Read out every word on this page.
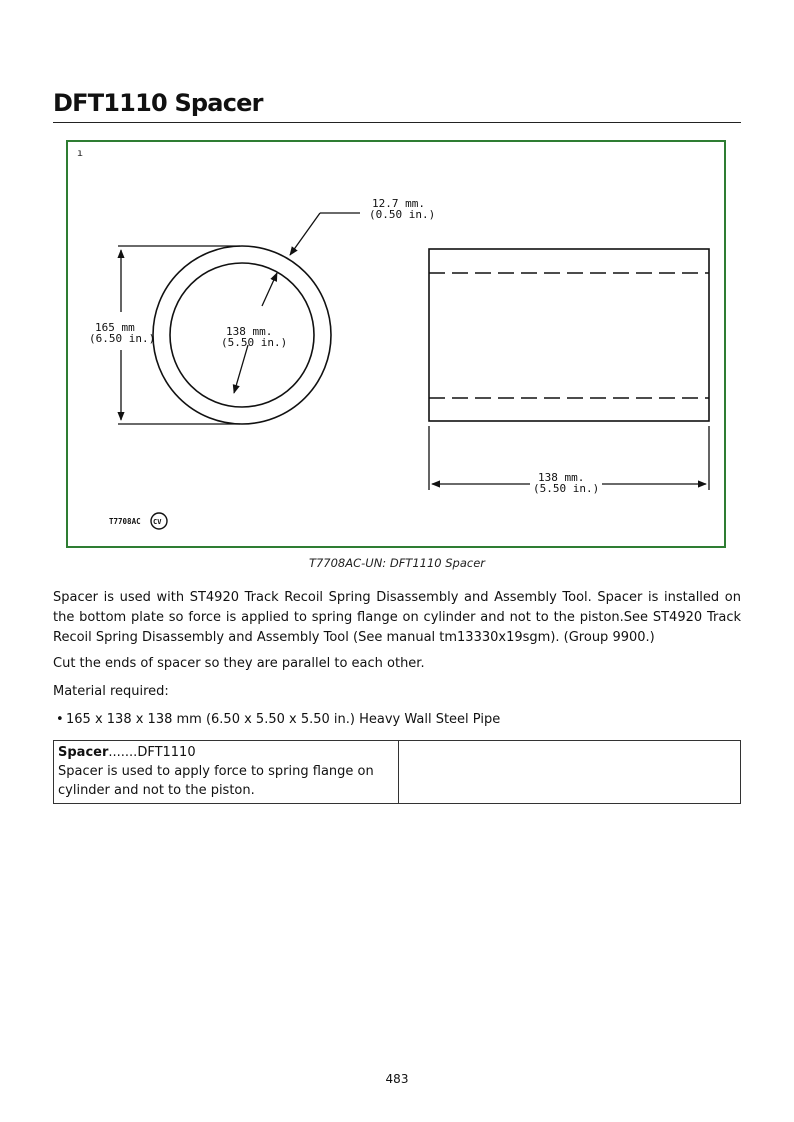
DFT1110 Spacer
ı
12.7 mm.
(0.50 in.)
165 mm
(6.50 in.)
138 mm.
(5.50 in.)
138 mm.
(5.50 in.)
T7708AC CV
T7708AC-UN: DFT1110 Spacer

Spacer is used with ST4920 Track Recoil Spring Disassembly and Assembly Tool. Spacer is installed on the bottom plate so force is applied to spring flange on cylinder and not to the piston.See ST4920 Track Recoil Spring Disassembly and Assembly Tool (See manual tm13330x19sgm). (Group 9900.)

Cut the ends of spacer so they are parallel to each other.

Material required:

• 165 x 138 x 138 mm (6.50 x 5.50 x 5.50 in.) Heavy Wall Steel Pipe
Spacer.......DFT1110
Spacer is used to apply force to spring flange on cylinder and not to the piston.	
483
